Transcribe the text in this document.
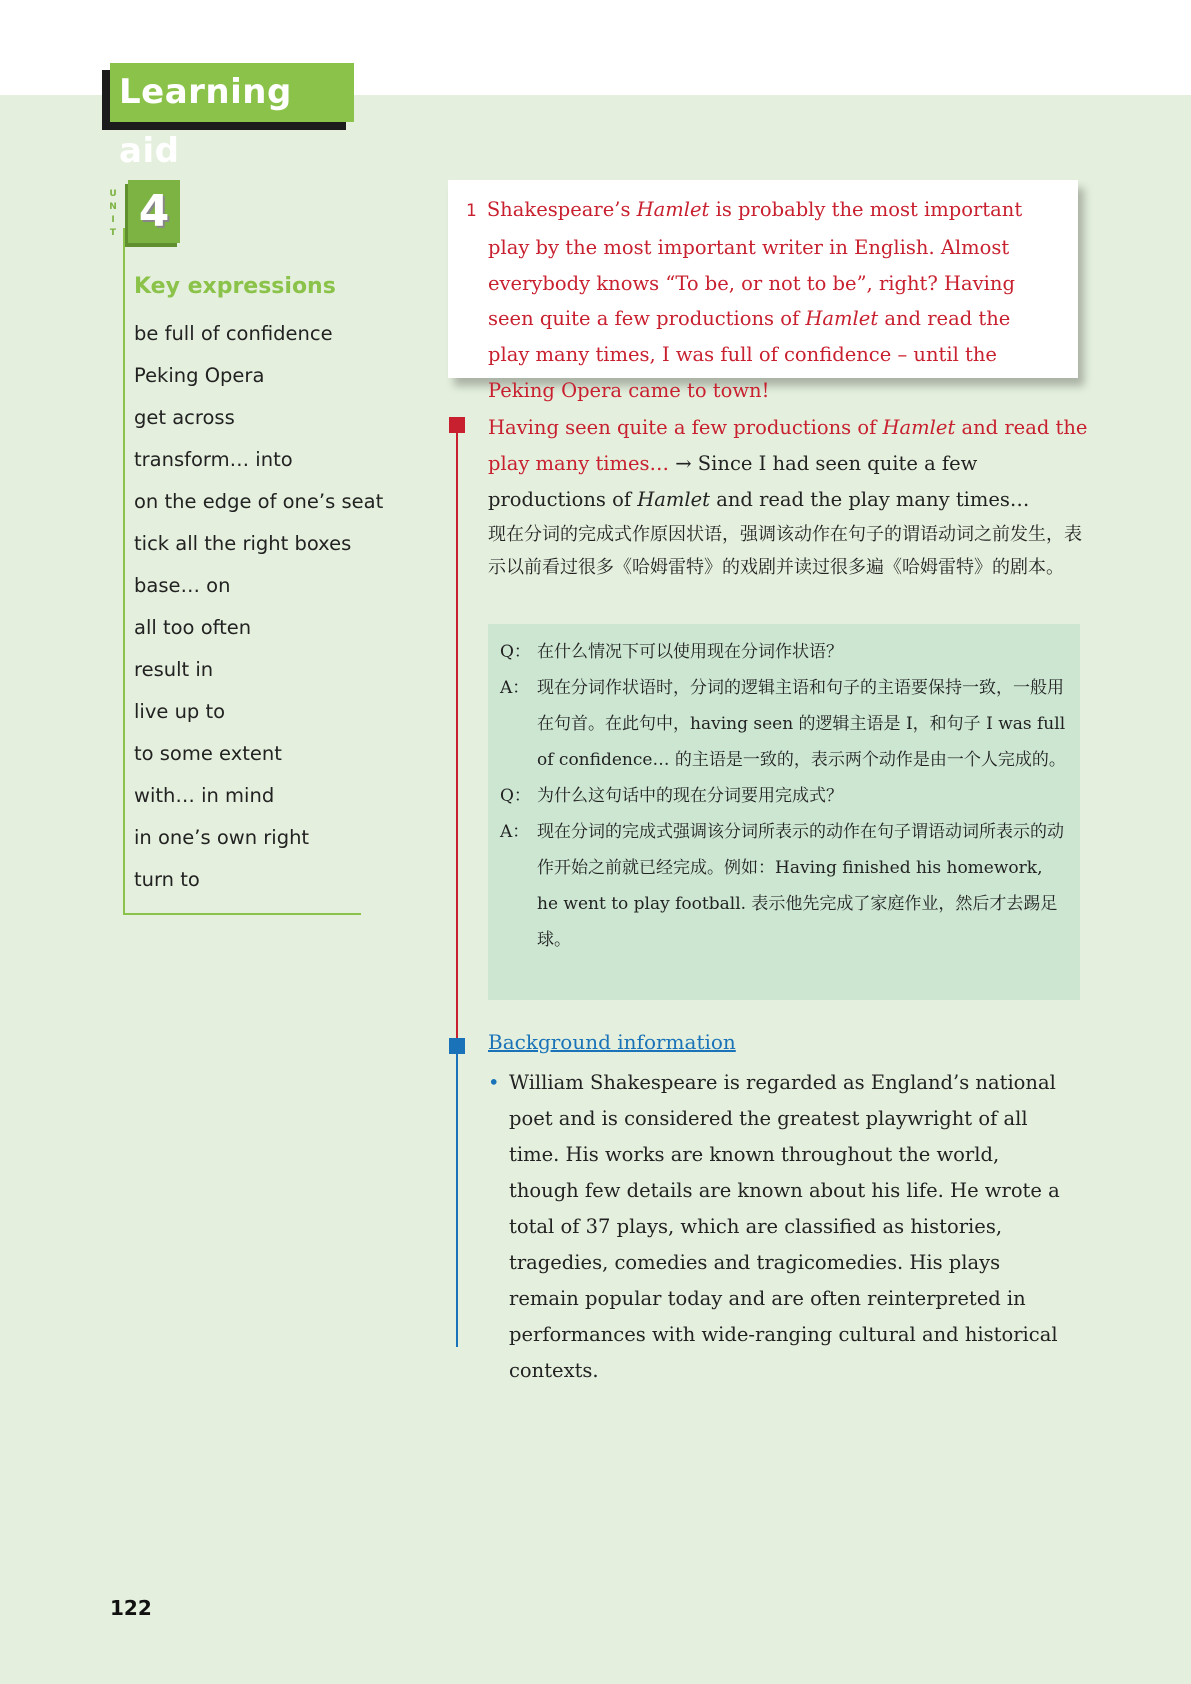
Learning aid
UNIT 4
Key expressions
be full of confidence
Peking Opera
get across
transform… into
on the edge of one’s seat
tick all the right boxes
base… on
all too often
result in
live up to
to some extent
with… in mind
in one’s own right
turn to

1 Shakespeare’s Hamlet is probably the most important play by the most important writer in English. Almost everybody knows “To be, or not to be”, right? Having seen quite a few productions of Hamlet and read the play many times, I was full of confidence – until the Peking Opera came to town!

Having seen quite a few productions of Hamlet and read the play many times… → Since I had seen quite a few productions of Hamlet and read the play many times…

现在分词的完成式作原因状语，强调该动作在句子的谓语动词之前发生，表示以前看过很多《哈姆雷特》的戏剧并读过很多遍《哈姆雷特》的剧本。

Q： 在什么情况下可以使用现在分词作状语？
A： 现在分词作状语时，分词的逻辑主语和句子的主语要保持一致，一般用在句首。在此句中，having seen 的逻辑主语是 I，和句子 I was full of confidence… 的主语是一致的，表示两个动作是由一个人完成的。
Q： 为什么这句话中的现在分词要用完成式？
A： 现在分词的完成式强调该分词所表示的动作在句子谓语动词所表示的动作开始之前就已经完成。例如：Having finished his homework, he went to play football. 表示他先完成了家庭作业，然后才去踢足球。
Background information
• William Shakespeare is regarded as England’s national poet and is considered the greatest playwright of all time. His works are known throughout the world, though few details are known about his life. He wrote a total of 37 plays, which are classified as histories, tragedies, comedies and tragicomedies. His plays remain popular today and are often reinterpreted in performances with wide-ranging cultural and historical contexts.
122
